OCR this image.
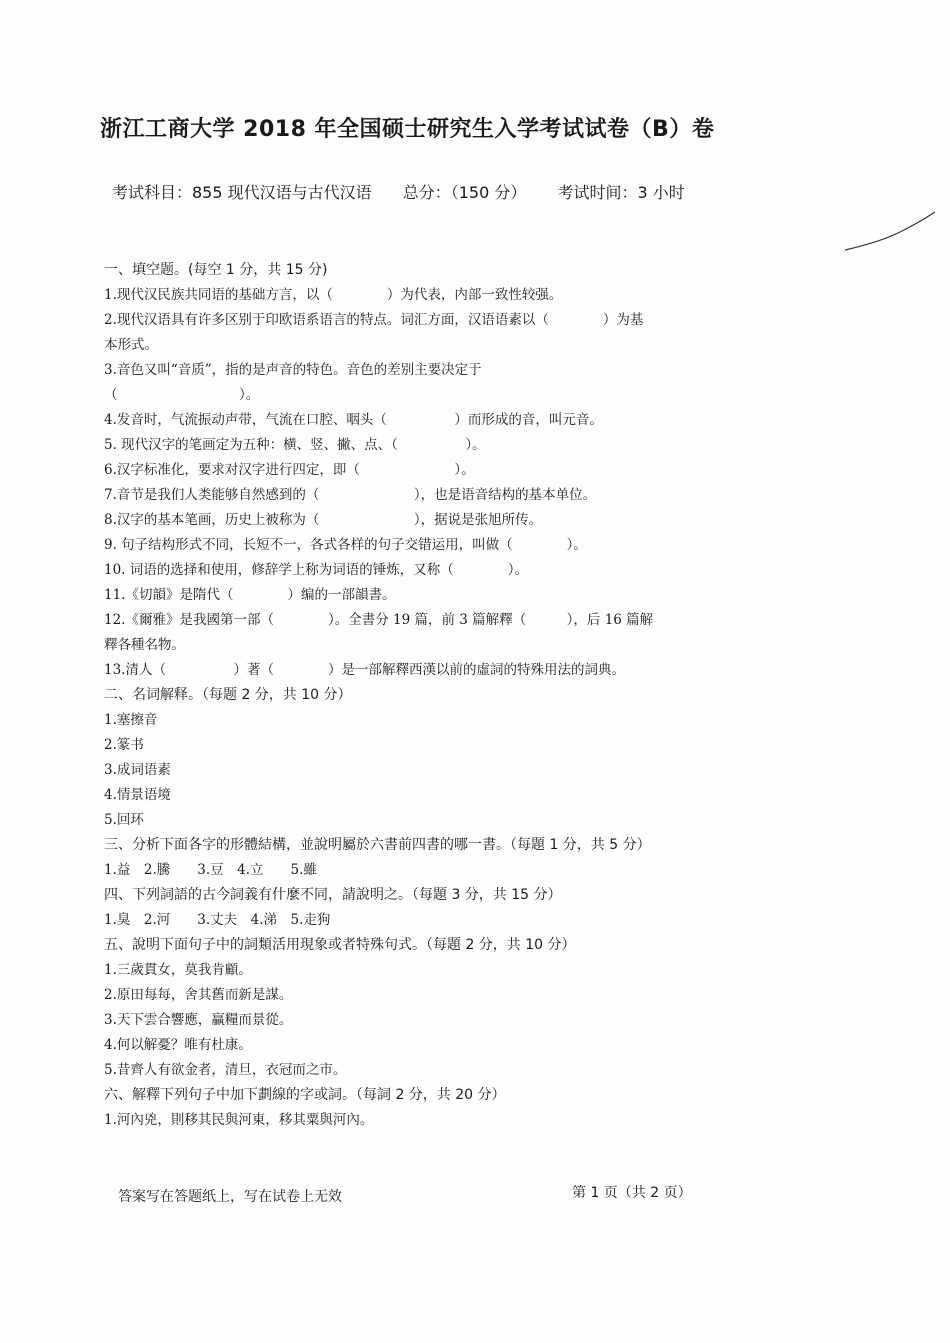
浙江工商大学 2018 年全国硕士研究生入学考试试卷（B）卷
考试科目：855 现代汉语与古代汉语 总分：（150 分） 考试时间：3 小时
一、填空题。(每空 1 分，共 15 分)
1.现代汉民族共同语的基础方言，以（　　　　）为代表，内部一致性较强。
2.现代汉语具有许多区别于印欧语系语言的特点。词汇方面，汉语语素以（　　　　）为基
本形式。
3.音色又叫“音质”，指的是声音的特色。音色的差别主要决定于
（　　　　　　　　　）。
4.发音时，气流振动声带，气流在口腔、咽头（　　　　　）而形成的音，叫元音。
5. 现代汉字的笔画定为五种：横、竖、撇、点、（　　　　　）。
6.汉字标准化，要求对汉字进行四定，即（　　　　　　　）。
7.音节是我们人类能够自然感到的（　　　　　　　），也是语音结构的基本单位。
8.汉字的基本笔画，历史上被称为（　　　　　　　），据说是张旭所传。
9. 句子结构形式不同，长短不一，各式各样的句子交错运用，叫做（　　　　）。
10. 词语的选择和使用，修辞学上称为词语的锤炼，又称（　　　　）。
11.《切韻》是隋代（　　　　）编的一部韻書。
12.《爾雅》是我國第一部（　　　　）。全書分 19 篇，前 3 篇解釋（　　　），后 16 篇解
釋各種名物。
13.清人（　　　　　）著（　　　　）是一部解釋西漢以前的虛詞的特殊用法的詞典。
二、名词解释。（每题 2 分，共 10 分）
1.塞擦音
2.篆书
3.成词语素
4.情景语境
5.回环
三、分析下面各字的形體結構，並說明屬於六書前四書的哪一書。（每題 1 分，共 5 分）
1.益　2.騰　　3.豆　4.立　　5.雖
四、下列詞語的古今詞義有什麼不同，請說明之。（每題 3 分，共 15 分）
1.臭　2.河　　3.丈夫　4.涕　5.走狗
五、說明下面句子中的詞類活用現象或者特殊句式。（每題 2 分，共 10 分）
1.三歲貫女，莫我肯顧。
2.原田每每，舍其舊而新是謀。
3.天下雲合響應，贏糧而景從。
4.何以解憂？唯有杜康。
5.昔齊人有欲金者，清旦，衣冠而之市。
六、解釋下列句子中加下劃線的字或詞。（每詞 2 分，共 20 分）
1.河內兇，則移其民與河東，移其粟與河內。
答案写在答题纸上，写在试卷上无效	第 1 页（共 2 页）
